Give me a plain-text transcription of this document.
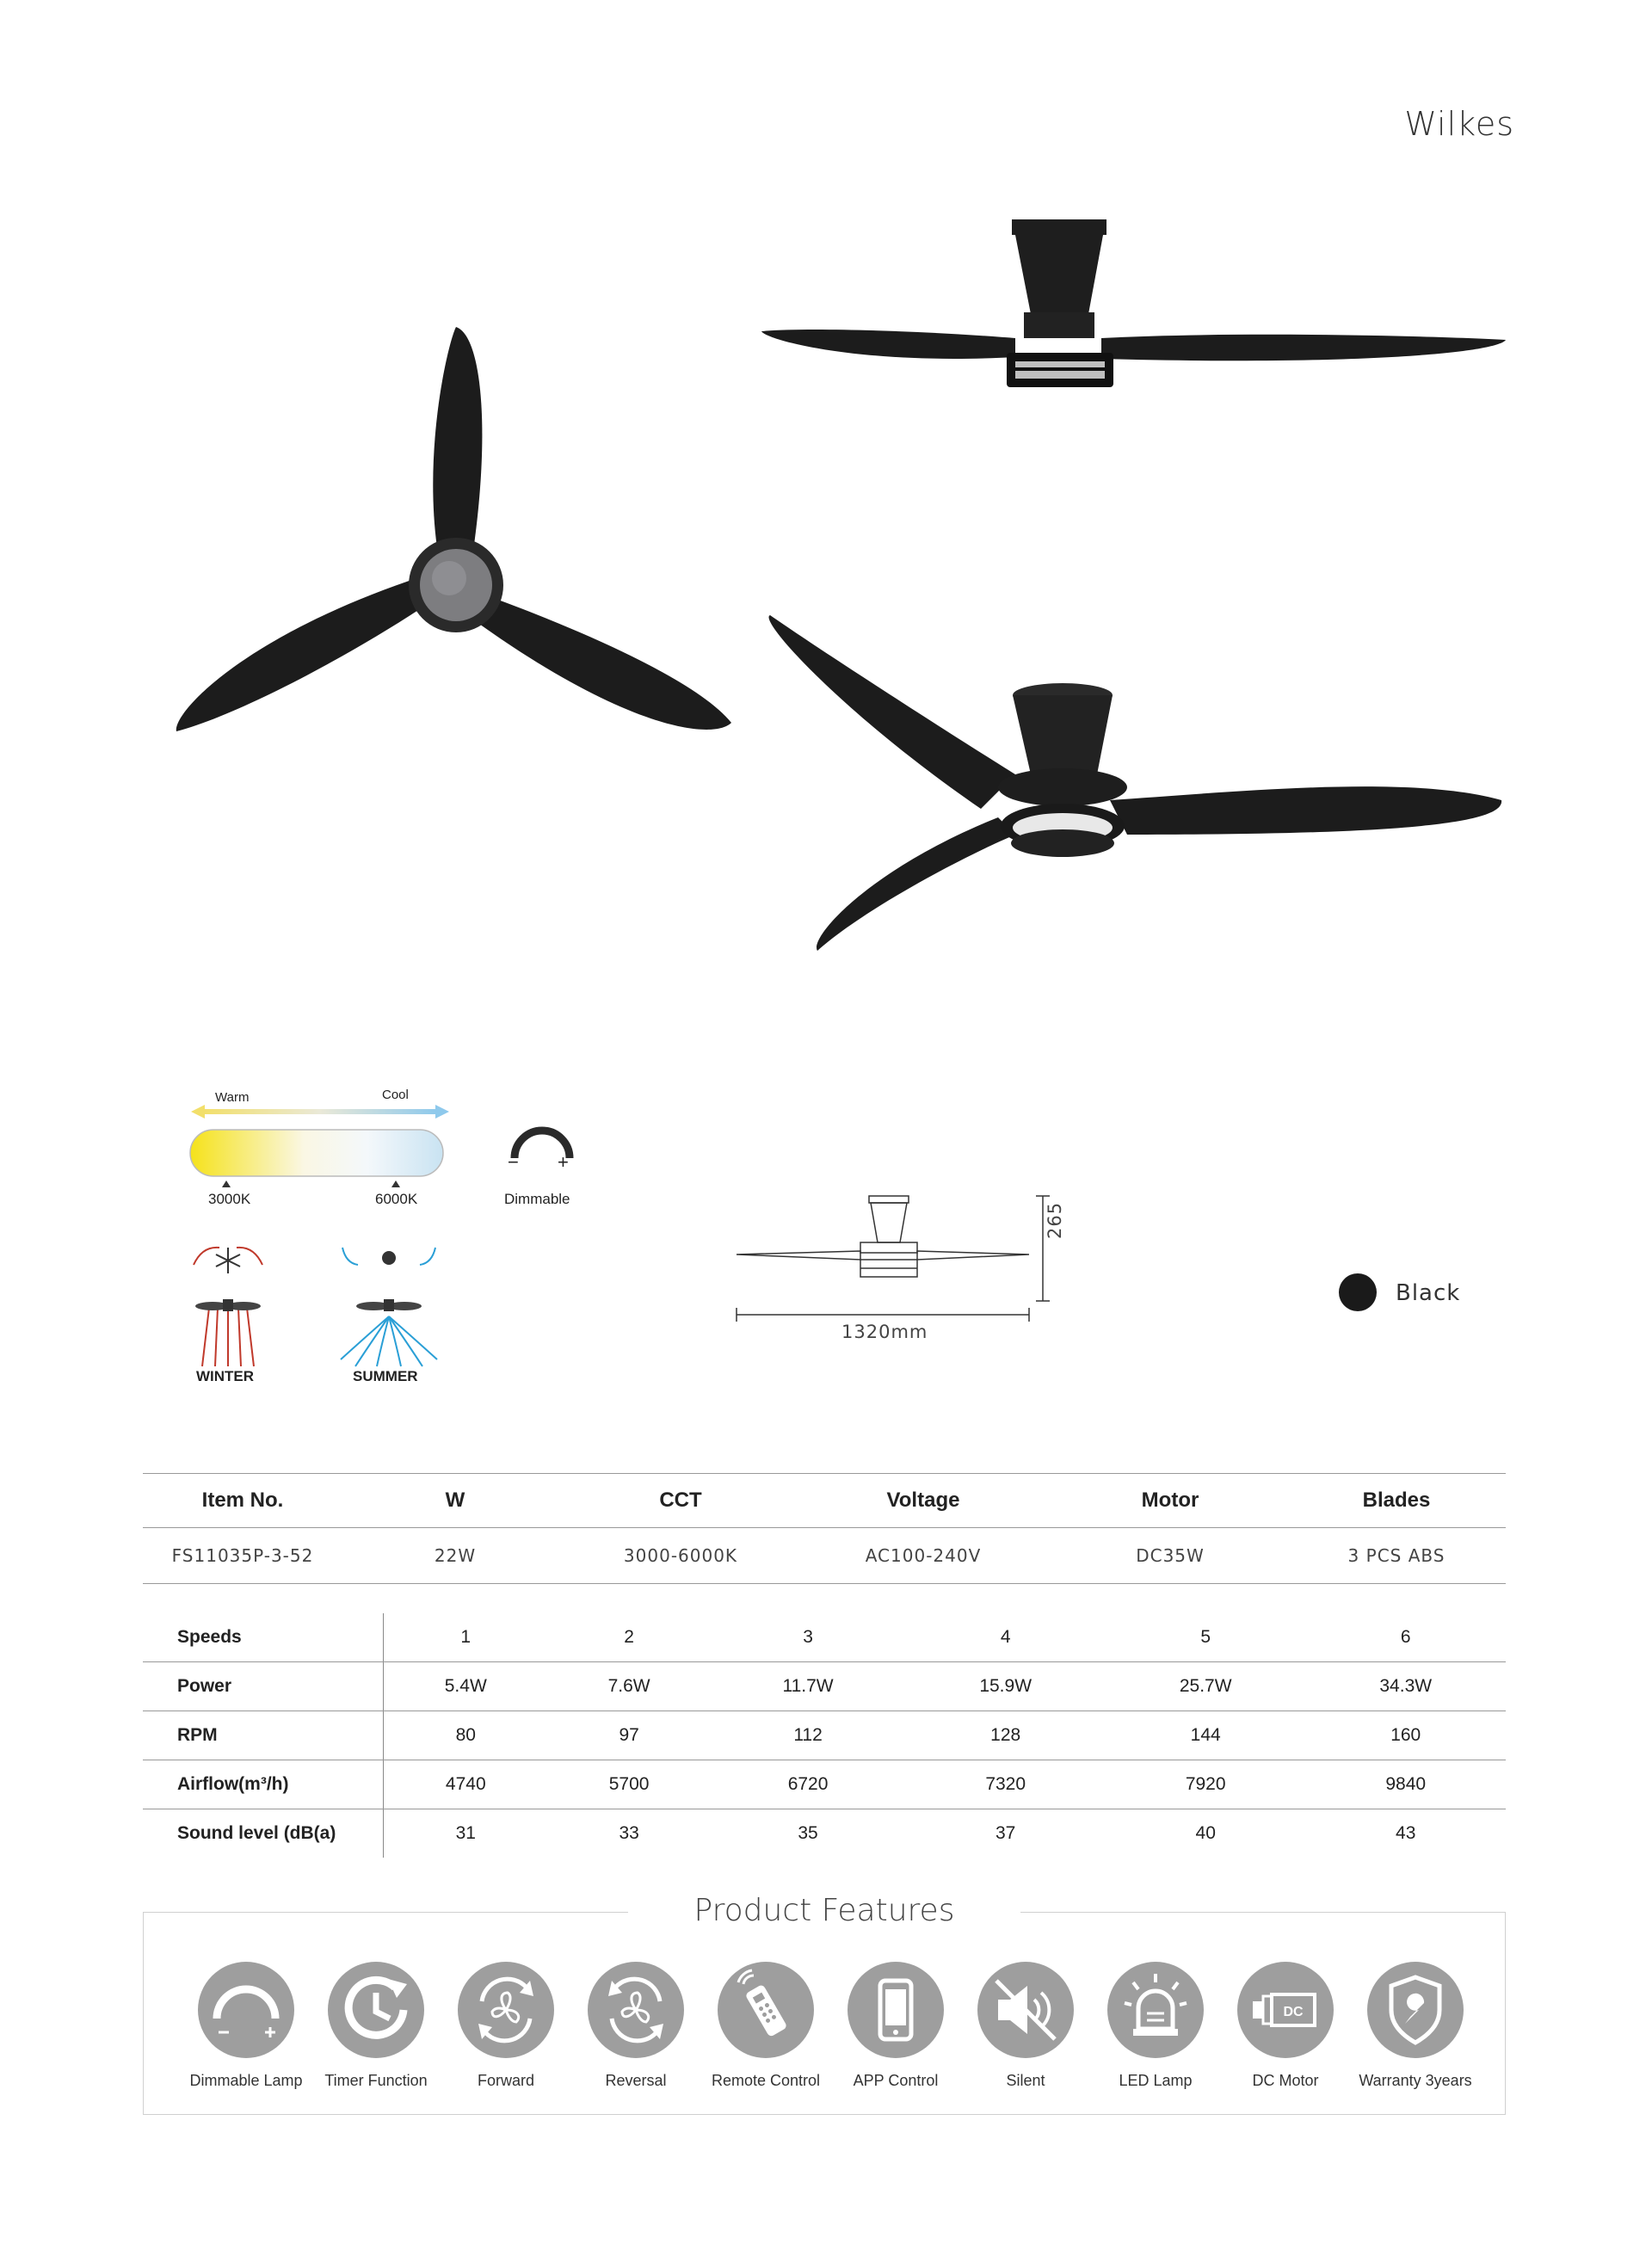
Wilkes
Warm	Cool
3000K	6000K
− +
Dimmable
WINTER	SUMMER
265
1320mm
Black
Item No.	W	CCT	Voltage	Motor	Blades
FS11035P-3-52	22W	3000-6000K	AC100-240V	DC35W	3 PCS ABS
Speeds	1	2	3	4	5	6
Power	5.4W	7.6W	11.7W	15.9W	25.7W	34.3W
RPM	80	97	112	128	144	160
Airflow(m³/h)	4740	5700	6720	7320	7920	9840
Sound level (dB(a)	31	33	35	37	40	43
Product Features
Dimmable Lamp	Timer Function	Forward	Reversal	Remote Control	APP Control	Silent	LED Lamp
DC
DC Motor	Warranty 3years
